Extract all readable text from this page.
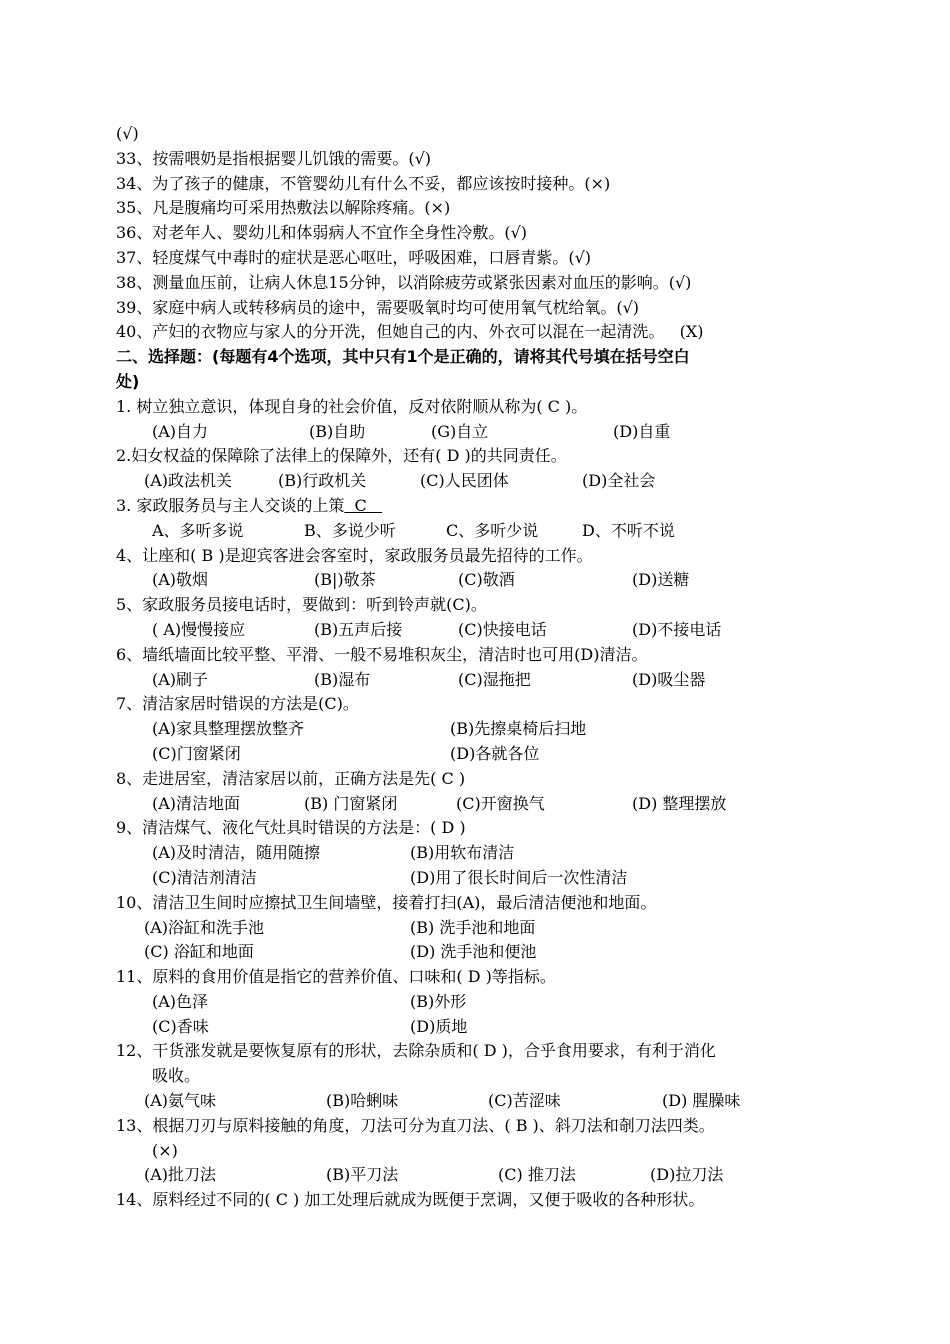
(√)
33、按需喂奶是指根据婴儿饥饿的需要。(√)
34、为了孩子的健康，不管婴幼儿有什么不妥，都应该按时接种。(×)
35、凡是腹痛均可采用热敷法以解除疼痛。(×)
36、对老年人、婴幼儿和体弱病人不宜作全身性冷敷。(√)
37、轻度煤气中毒时的症状是恶心呕吐，呼吸困难，口唇青紫。(√)
38、测量血压前，让病人休息15分钟，以消除疲劳或紧张因素对血压的影响。(√)
39、家庭中病人或转移病员的途中，需要吸氧时均可使用氧气枕给氧。(√)
40、产妇的衣物应与家人的分开洗，但她自己的内、外衣可以混在一起清洗。   (X)
二、选择题：(每题有4个选项，其中只有1个是正确的，请将其代号填在括号空白
处)
1. 树立独立意识，体现自身的社会价值，反对依附顺从称为( C )。
(A)自力	(B)自助	(G)自立	(D)自重
2.妇女权益的保障除了法律上的保障外，还有( D )的共同责任。
(A)政法机关	(B)行政机关	(C)人民团体	(D)全社会
3. 家政服务员与主人交谈的上策  C
A、多听多说	B、多说少听	C、多听少说	D、不听不说
4、让座和( B )是迎宾客进会客室时，家政服务员最先招待的工作。
(A)敬烟	(B|)敬茶	(C)敬酒	(D)送糖
5、家政服务员接电话时，要做到：听到铃声就(C)。
( A)慢慢接应	(B)五声后接	(C)快接电话	(D)不接电话
6、墙纸墙面比较平整、平滑、一般不易堆积灰尘，清洁时也可用(D)清洁。
(A)刷子	(B)湿布	(C)湿拖把	(D)吸尘器
7、清洁家居时错误的方法是(C)。
(A)家具整理摆放整齐	(B)先擦桌椅后扫地
(C)门窗紧闭	(D)各就各位
8、走进居室，清洁家居以前，正确方法是先( C )
(A)清洁地面	(B) 门窗紧闭	(C)开窗换气	(D) 整理摆放
9、清洁煤气、液化气灶具时错误的方法是：( D )
(A)及时清洁，随用随擦	(B)用软布清洁
(C)清洁剂清洁	(D)用了很长时间后一次性清洁
10、清洁卫生间时应擦拭卫生间墙壁，接着打扫(A)，最后清洁便池和地面。
(A)浴缸和洗手池	(B) 洗手池和地面
(C) 浴缸和地面	(D) 洗手池和便池
11、原料的食用价值是指它的营养价值、口味和( D )等指标。
(A)色泽	(B)外形
(C)香味	(D)质地
12、干货涨发就是要恢复原有的形状，去除杂质和( D )，合乎食用要求，有利于消化
吸收。
(A)氨气味	(B)哈蜊味	(C)苦涩味	(D) 腥臊味
13、根据刀刃与原料接触的角度，刀法可分为直刀法、( B )、斜刀法和剞刀法四类。
(×)
(A)批刀法	(B)平刀法	(C) 推刀法	(D)拉刀法
14、原料经过不同的( C ) 加工处理后就成为既便于烹调，又便于吸收的各种形状。
